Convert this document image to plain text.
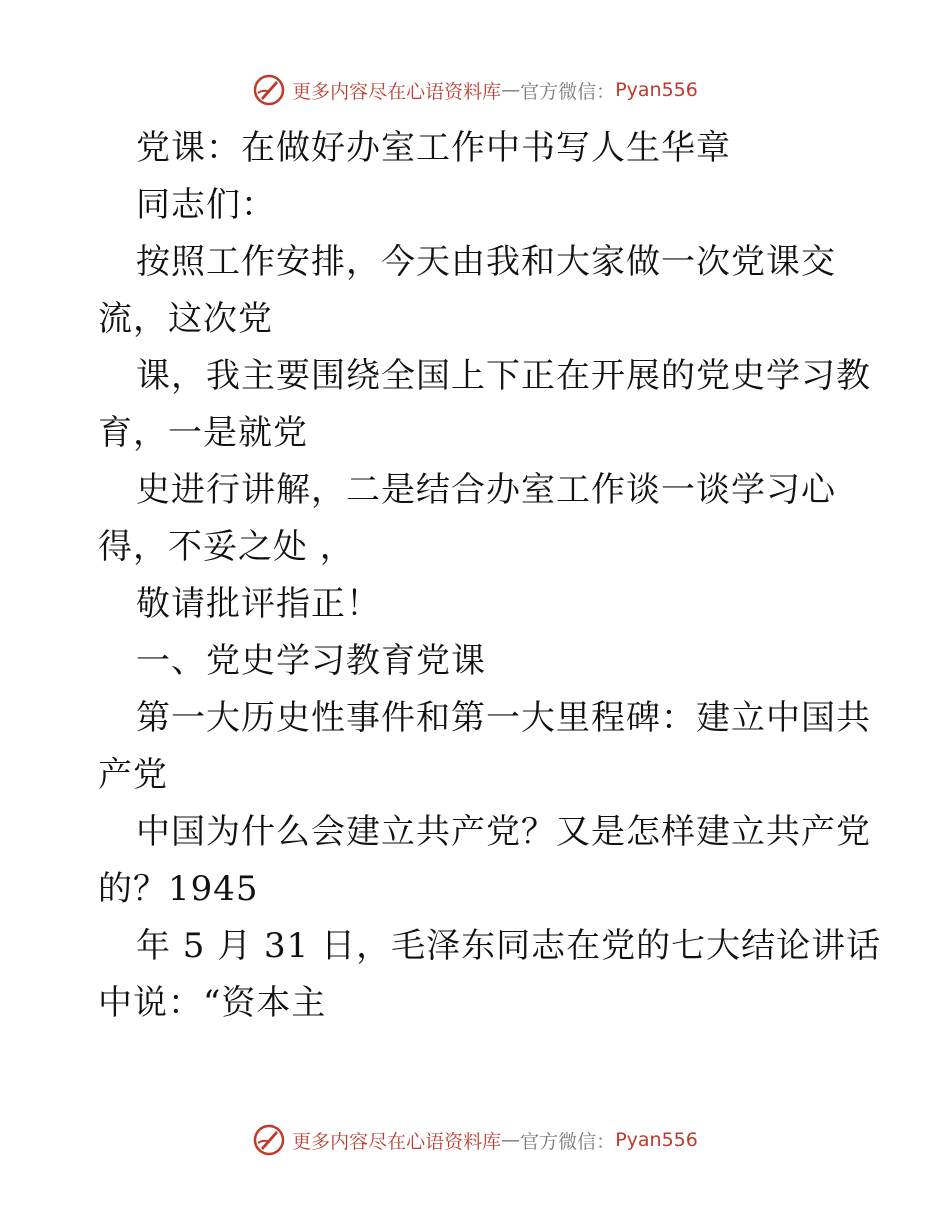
更多内容尽在心语资料库 — 官方微信： Pyan556
党课：在做好办室工作中书写人生华章
同志们：
按照工作安排，今天由我和大家做一次党课交
流，这次党
课，我主要围绕全国上下正在开展的党史学习教
育，一是就党
史进行讲解，二是结合办室工作谈一谈学习心
得，不妥之处 ，
敬请批评指正！
一、党史学习教育党课
第一大历史性事件和第一大里程碑：建立中国共
产党
中国为什么会建立共产党？又是怎样建立共产党
的？1945
年 5 月 31 日，毛泽东同志在党的七大结论讲话
中说：“资本主
更多内容尽在心语资料库 — 官方微信： Pyan556
